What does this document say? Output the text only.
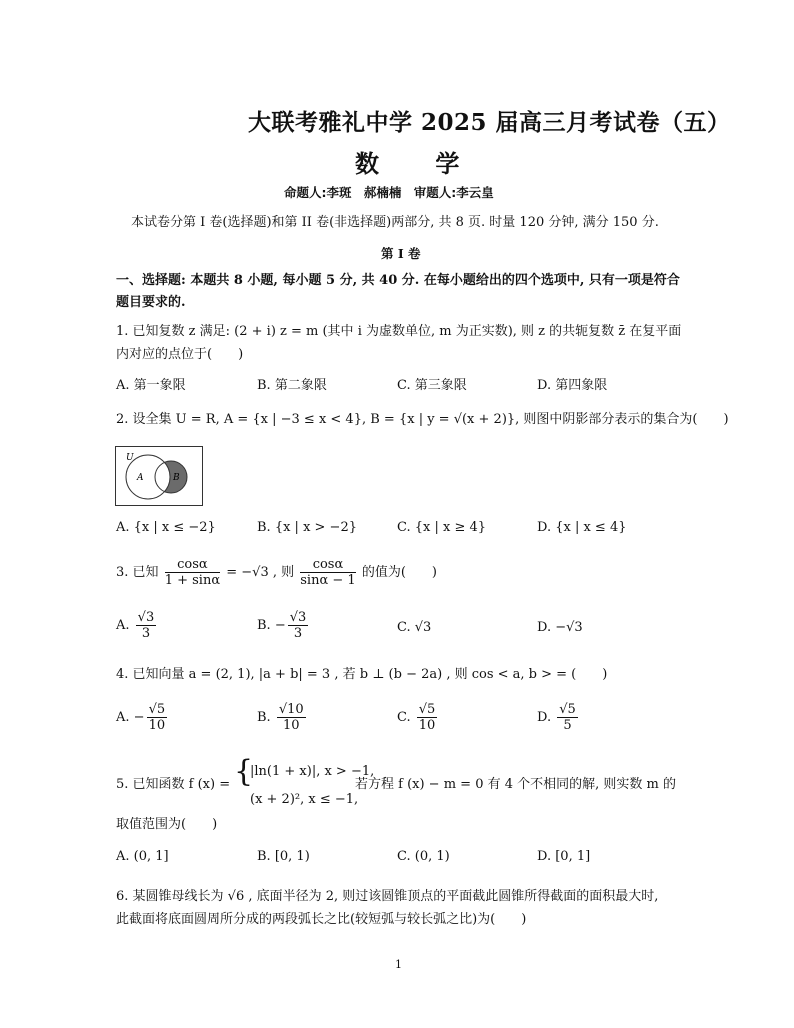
大联考雅礼中学 2025 届高三月考试卷（五）
数 学
命题人:李斑 郝楠楠 审题人:李云皇
本试卷分第 I 卷(选择题)和第 II 卷(非选择题)两部分, 共 8 页. 时量 120 分钟, 满分 150 分.
第 I 卷
一、选择题: 本题共 8 小题, 每小题 5 分, 共 40 分. 在每小题给出的四个选项中, 只有一项是符合题目要求的.
1. 已知复数 z 满足: (2 + i) z = m (其中 i 为虚数单位, m 为正实数), 则 z 的共轭复数 z̄ 在复平面
内对应的点位于(　　)
A. 第一象限	B. 第二象限	C. 第三象限	D. 第四象限
2. 设全集 U = R, A = {x | −3 ≤ x < 4}, B = {x | y = √(x + 2)}, 则图中阴影部分表示的集合为(　　)
U
A	B
A. {x | x ≤ −2}	B. {x | x > −2}	C. {x | x ≥ 4}	D. {x | x ≤ 4}
3. 已知 $\frac{\cos\alpha}{1 + \sin\alpha} = -√3$ , 则 $\frac{\cos\alpha}{\sin\alpha - 1}$ 的值为(　　)
A. $\frac{√3}{3}$	B. − $\frac{√3}{3}$	C. √3	D. −√3
4. 已知向量 a = (2, 1), |a + b| = 3 , 若 b ⊥ (b − 2a) , 则 cos < a, b > = (　　)
A. − $\frac{√5}{10}$	B. $\frac{√10}{10}$	C. $\frac{√5}{10}$	D. $\frac{√5}{5}$
5. 已知函数 f (x) = {
|ln(1 + x)|, x > −1,
(x + 2)², x ≤ −1,
若方程 f (x) − m = 0 有 4 个不相同的解, 则实数 m 的
取值范围为(　　)
A. (0, 1]	B. [0, 1)	C. (0, 1)	D. [0, 1]
6. 某圆锥母线长为 √6 , 底面半径为 2, 则过该圆锥顶点的平面截此圆锥所得截面的面积最大时,
此截面将底面圆周所分成的两段弧长之比(较短弧与较长弧之比)为(　　)
1
